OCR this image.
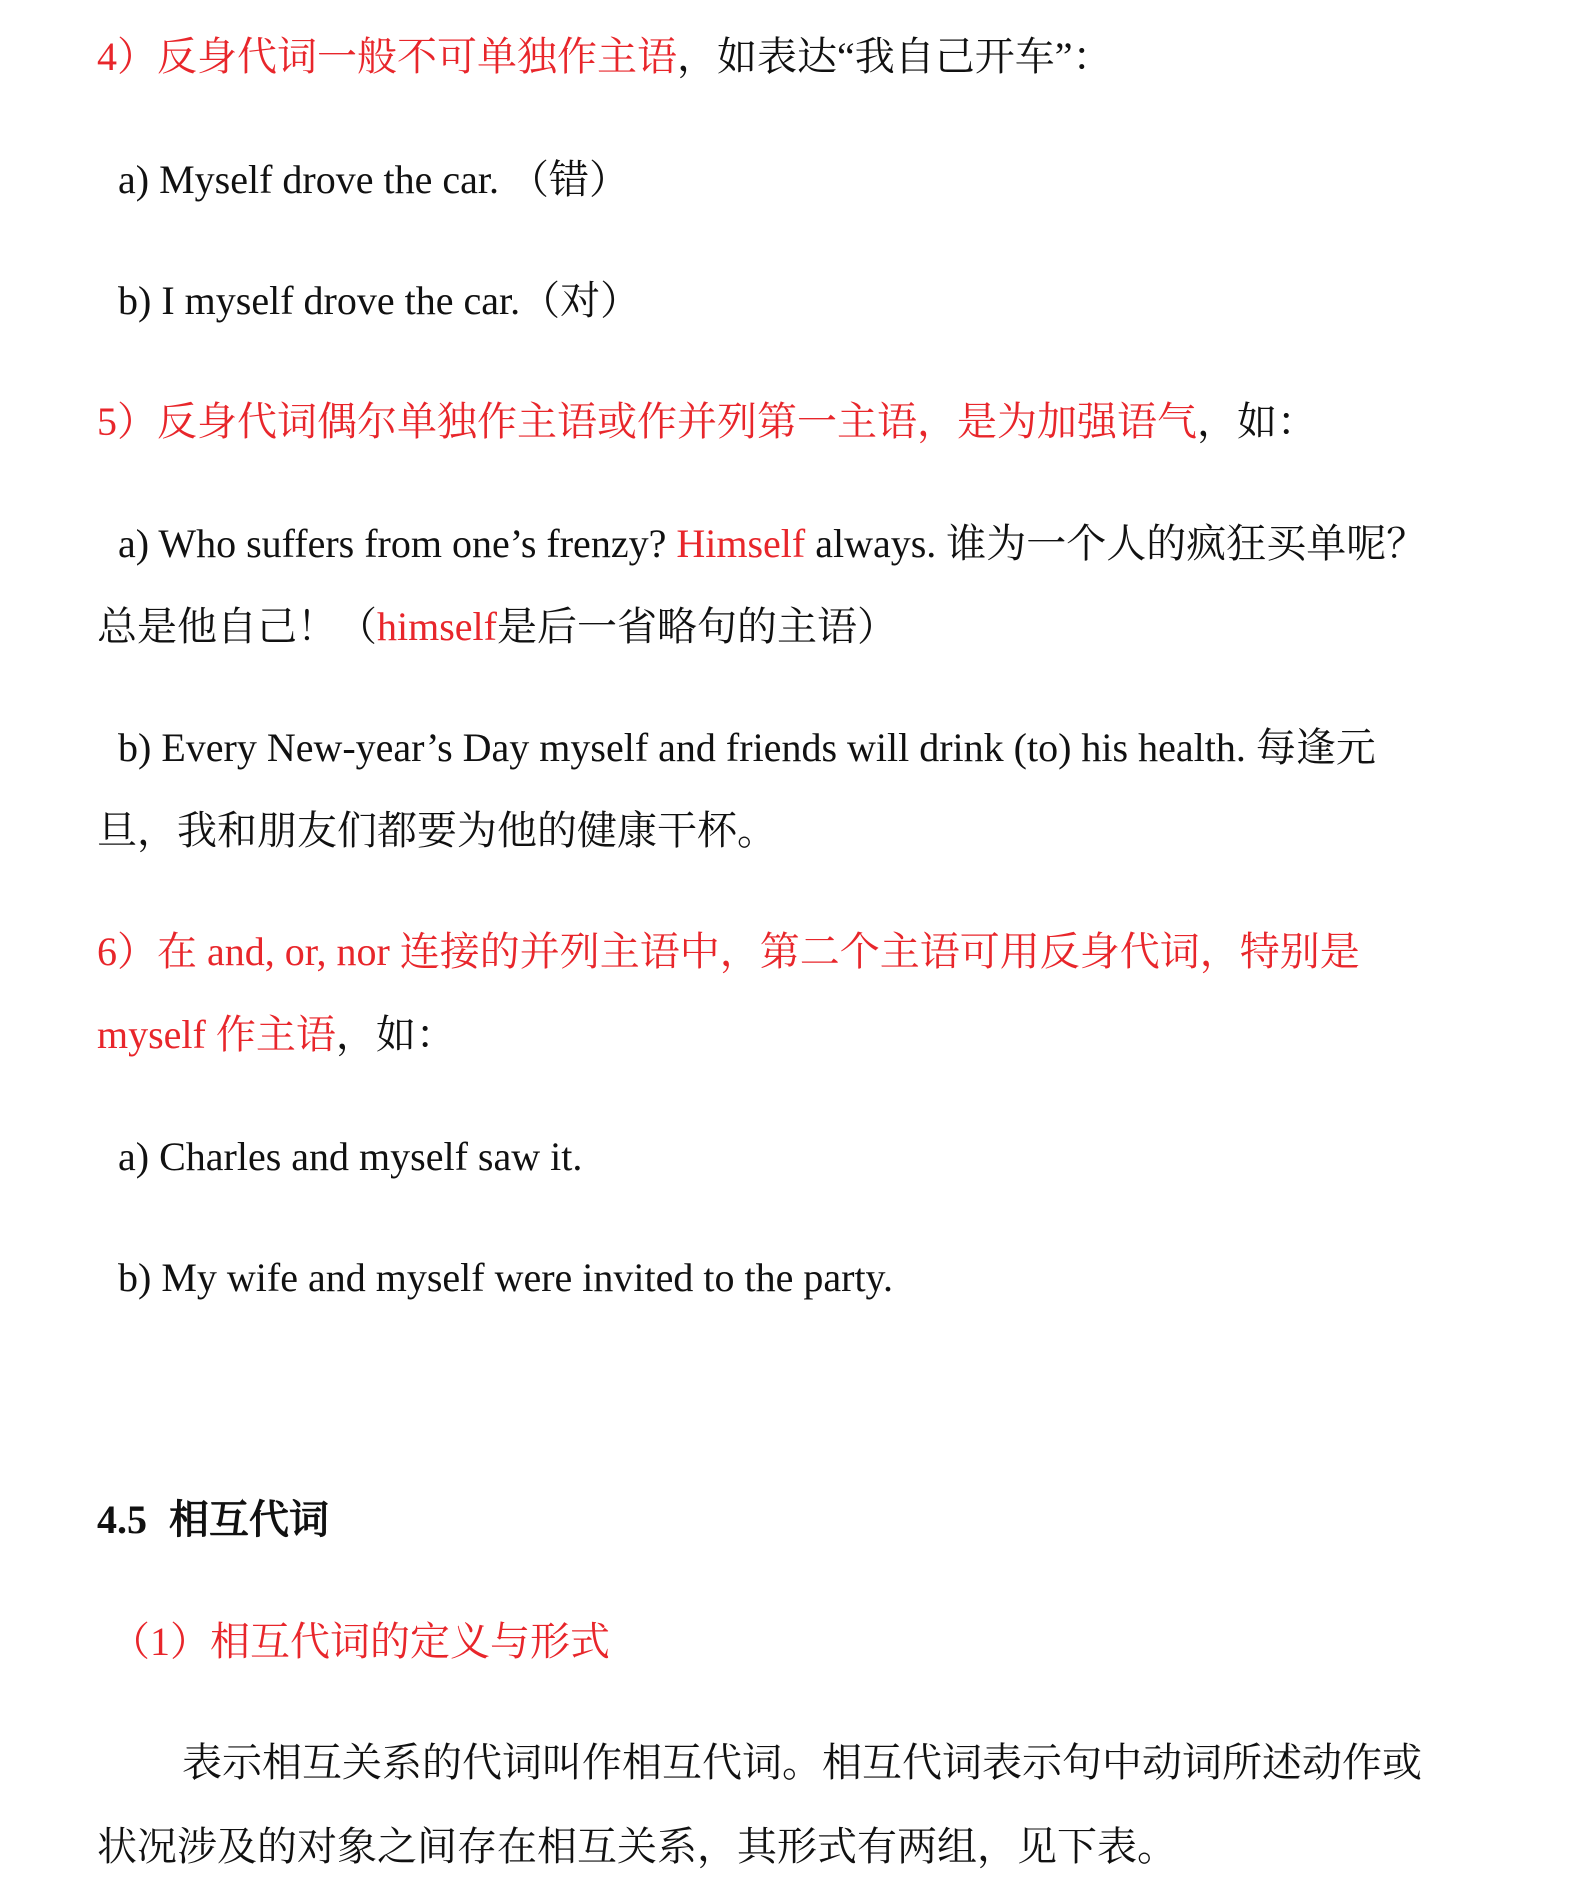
4）反身代词一般不可单独作主语，如表达“我自己开车”：
a) Myself drove the car. （错）
b) I myself drove the car.（对）
5）反身代词偶尔单独作主语或作并列第一主语，是为加强语气，如：
a) Who suffers from one’s frenzy? Himself always. 谁为一个人的疯狂买单呢？
总是他自己！（himself是后一省略句的主语）
b) Every New-year’s Day myself and friends will drink (to) his health. 每逢元
旦，我和朋友们都要为他的健康干杯。
6）在 and, or, nor 连接的并列主语中，第二个主语可用反身代词，特别是
myself 作主语，如：
a) Charles and myself saw it.
b) My wife and myself were invited to the party.
4.5 相互代词
（1）相互代词的定义与形式
表示相互关系的代词叫作相互代词。相互代词表示句中动词所述动作或
状况涉及的对象之间存在相互关系，其形式有两组，见下表。
